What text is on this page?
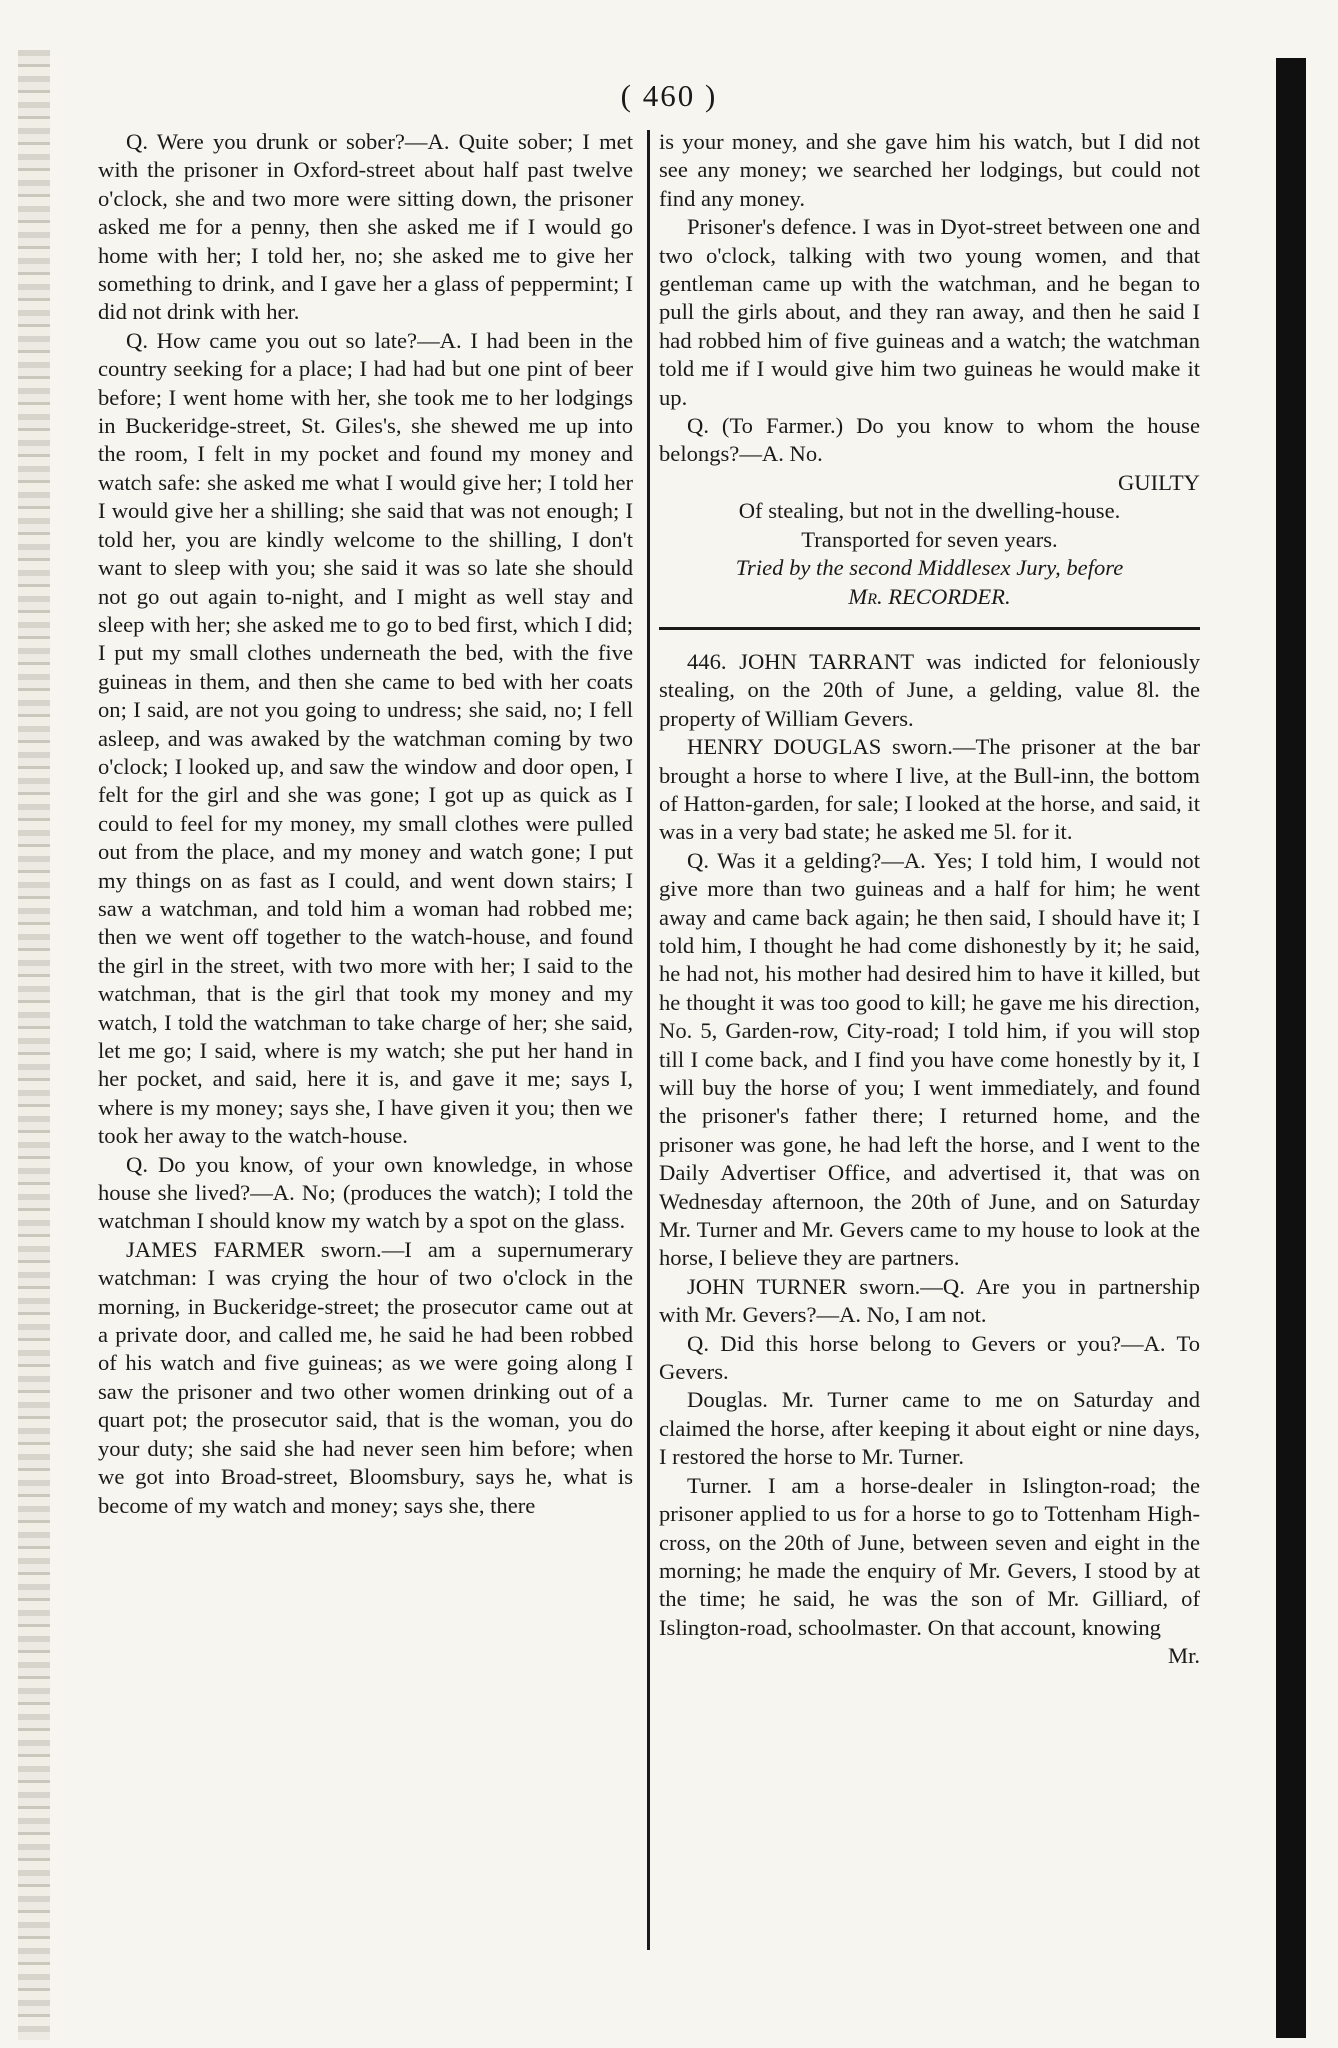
( 460 )

Q. Were you drunk or sober?—A. Quite sober; I met with the prisoner in Oxford-street about half past twelve o'clock, she and two more were sitting down, the prisoner asked me for a penny, then she asked me if I would go home with her; I told her, no; she asked me to give her something to drink, and I gave her a glass of peppermint; I did not drink with her.

Q. How came you out so late?—A. I had been in the country seeking for a place; I had had but one pint of beer before; I went home with her, she took me to her lodgings in Buckeridge-street, St. Giles's, she shewed me up into the room, I felt in my pocket and found my money and watch safe: she asked me what I would give her; I told her I would give her a shilling; she said that was not enough; I told her, you are kindly welcome to the shilling, I don't want to sleep with you; she said it was so late she should not go out again to-night, and I might as well stay and sleep with her; she asked me to go to bed first, which I did; I put my small clothes underneath the bed, with the five guineas in them, and then she came to bed with her coats on; I said, are not you going to undress; she said, no; I fell asleep, and was awaked by the watchman coming by two o'clock; I looked up, and saw the window and door open, I felt for the girl and she was gone; I got up as quick as I could to feel for my money, my small clothes were pulled out from the place, and my money and watch gone; I put my things on as fast as I could, and went down stairs; I saw a watchman, and told him a woman had robbed me; then we went off together to the watch-house, and found the girl in the street, with two more with her; I said to the watchman, that is the girl that took my money and my watch, I told the watchman to take charge of her; she said, let me go; I said, where is my watch; she put her hand in her pocket, and said, here it is, and gave it me; says I, where is my money; says she, I have given it you; then we took her away to the watch-house.

Q. Do you know, of your own knowledge, in whose house she lived?—A. No; (produces the watch); I told the watchman I should know my watch by a spot on the glass.

JAMES FARMER sworn.—I am a supernumerary watchman: I was crying the hour of two o'clock in the morning, in Buckeridge-street; the prosecutor came out at a private door, and called me, he said he had been robbed of his watch and five guineas; as we were going along I saw the prisoner and two other women drinking out of a quart pot; the prosecutor said, that is the woman, you do your duty; she said she had never seen him before; when we got into Broad-street, Bloomsbury, says he, what is become of my watch and money; says she, there

is your money, and she gave him his watch, but I did not see any money; we searched her lodgings, but could not find any money.

Prisoner's defence. I was in Dyot-street between one and two o'clock, talking with two young women, and that gentleman came up with the watchman, and he began to pull the girls about, and they ran away, and then he said I had robbed him of five guineas and a watch; the watchman told me if I would give him two guineas he would make it up.

Q. (To Farmer.) Do you know to whom the house belongs?—A. No.

GUILTY

Of stealing, but not in the dwelling-house.

Transported for seven years.

Tried by the second Middlesex Jury, before

Mr. RECORDER.

446. JOHN TARRANT was indicted for feloniously stealing, on the 20th of June, a gelding, value 8l. the property of William Gevers.

HENRY DOUGLAS sworn.—The prisoner at the bar brought a horse to where I live, at the Bull-inn, the bottom of Hatton-garden, for sale; I looked at the horse, and said, it was in a very bad state; he asked me 5l. for it.

Q. Was it a gelding?—A. Yes; I told him, I would not give more than two guineas and a half for him; he went away and came back again; he then said, I should have it; I told him, I thought he had come dishonestly by it; he said, he had not, his mother had desired him to have it killed, but he thought it was too good to kill; he gave me his direction, No. 5, Garden-row, City-road; I told him, if you will stop till I come back, and I find you have come honestly by it, I will buy the horse of you; I went immediately, and found the prisoner's father there; I returned home, and the prisoner was gone, he had left the horse, and I went to the Daily Advertiser Office, and advertised it, that was on Wednesday afternoon, the 20th of June, and on Saturday Mr. Turner and Mr. Gevers came to my house to look at the horse, I believe they are partners.

JOHN TURNER sworn.—Q. Are you in partnership with Mr. Gevers?—A. No, I am not.

Q. Did this horse belong to Gevers or you?—A. To Gevers.

Douglas. Mr. Turner came to me on Saturday and claimed the horse, after keeping it about eight or nine days, I restored the horse to Mr. Turner.

Turner. I am a horse-dealer in Islington-road; the prisoner applied to us for a horse to go to Tottenham High-cross, on the 20th of June, between seven and eight in the morning; he made the enquiry of Mr. Gevers, I stood by at the time; he said, he was the son of Mr. Gilliard, of Islington-road, schoolmaster. On that account, knowing

Mr.
